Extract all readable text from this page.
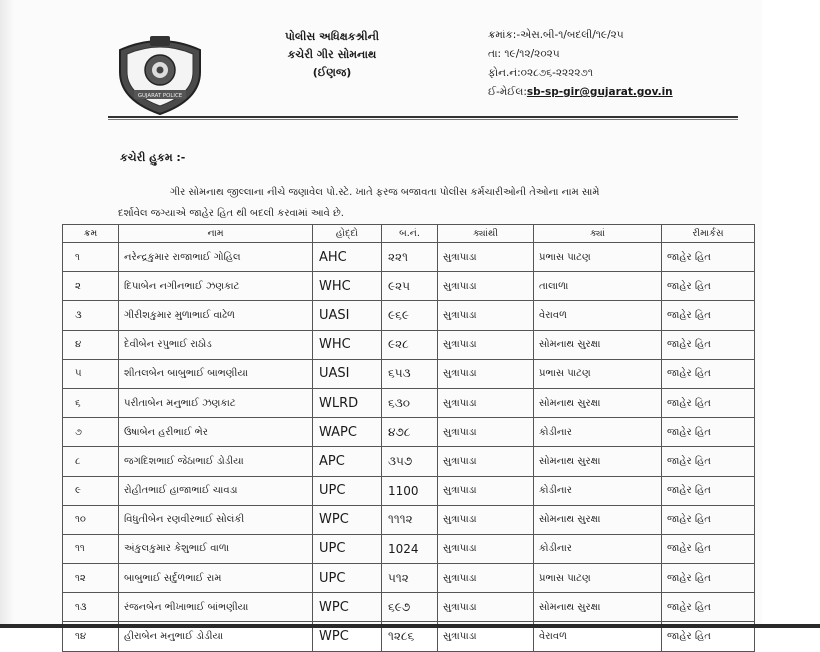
GUJARAT POLICE
પોલીસ અધિક્ષકશ્રીની
કચેરી ગીર સોમનાથ
(ઈણજ)
ક્રમાંક:-એસ.બી-૧/બદલી/૧૯/૨૫
તા: ૧૯/૧૨/૨૦૨૫
ફોન.નં:૦૨૮૭૬-૨૨૨૨૭૧
ઈ-મેઈલ:sb-sp-gir@gujarat.gov.in
કચેરી હુકમ :-
ગીર સોમનાથ જીલ્લાના નીચે જણાવેલ પો.સ્ટે. ખાતે ફરજ બજાવતા પોલીસ કર્મચારીઓની તેઓના નામ સામે
દર્શાવેલ જગ્યાએ જાહેર હિત થી બદલી કરવામાં આવે છે.
ક્રમ	નામ	હોદ્દો	બ.નં.	ક્યાંથી	ક્યાં	રીમાર્કસ
૧	નરેન્દ્રકુમાર રાજાભાઈ ગોહિલ	AHC	૨૨૧	સુત્રાપાડા	પ્રભાસ પાટણ	જાહેર હિત
૨	દિપાબેન નગીનભાઈ ઝણકાટ	WHC	૯૨૫	સુત્રાપાડા	તાલાળા	જાહેર હિત
૩	ગીરીશકુમાર મુળાભાઈ વાઢેળ	UASI	૯૬૯	સુત્રાપાડા	વેરાવળ	જાહેર હિત
૪	દેવીબેન રપુભાઈ રાઠોડ	WHC	૯૨૮	સુત્રાપાડા	સોમનાથ સુરક્ષા	જાહેર હિત
૫	શીતલબેન બાબુભાઈ બાભણીયા	UASI	૬૫૩	સુત્રાપાડા	પ્રભાસ પાટણ	જાહેર હિત
૬	પરીતાબેન મનુભાઈ ઝણકાટ	WLRD	૬૩૦	સુત્રાપાડા	સોમનાથ સુરક્ષા	જાહેર હિત
૭	ઉષાબેન હરીભાઈ ભેર	WAPC	૪૭૮	સુત્રાપાડા	કોડીનાર	જાહેર હિત
૮	જગદિશભાઈ જેઠાભાઈ ડોડીયા	APC	૩૫૭	સુત્રાપાડા	સોમનાથ સુરક્ષા	જાહેર હિત
૯	રોહીતભાઈ હાજાભાઈ ચાવડા	UPC	1100	સુત્રાપાડા	કોડીનાર	જાહેર હિત
૧૦	વિધુતીબેન રણવીરભાઈ સોલંકી	WPC	૧૧૧૨	સુત્રાપાડા	સોમનાથ સુરક્ષા	જાહેર હિત
૧૧	અંકુલકુમાર કેશુભાઈ વાળા	UPC	1024	સુત્રાપાડા	કોડીનાર	જાહેર હિત
૧૨	બાબુભાઈ સર્દુળભાઈ રામ	UPC	૫૧૨	સુત્રાપાડા	પ્રભાસ પાટણ	જાહેર હિત
૧૩	રંજનબેન ભીખાભાઈ બાંભણીયા	WPC	૬૯૭	સુત્રાપાડા	સોમનાથ સુરક્ષા	જાહેર હિત
૧૪	હીરાબેન મનુભાઈ ડોડીયા	WPC	૧૨૮૬	સુત્રાપાડા	વેરાવળ	જાહેર હિત
